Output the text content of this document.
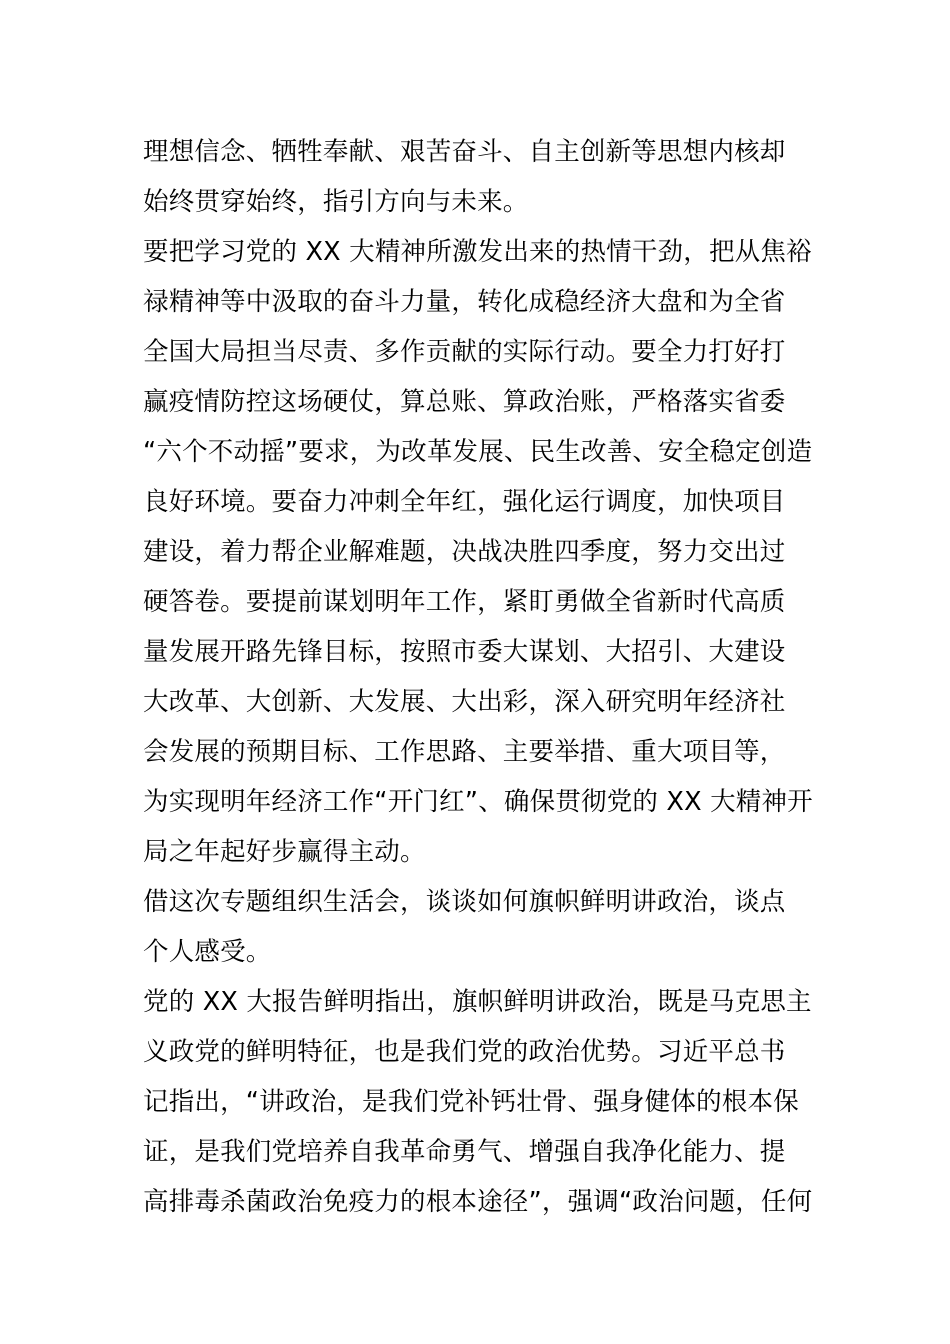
理想信念、牺牲奉献、艰苦奋斗、自主创新等思想内核却
始终贯穿始终，指引方向与未来。
要把学习党的 XX 大精神所激发出来的热情干劲，把从焦裕
禄精神等中汲取的奋斗力量，转化成稳经济大盘和为全省
全国大局担当尽责、多作贡献的实际行动。要全力打好打
赢疫情防控这场硬仗，算总账、算政治账，严格落实省委
“六个不动摇”要求，为改革发展、民生改善、安全稳定创造
良好环境。要奋力冲刺全年红，强化运行调度，加快项目
建设，着力帮企业解难题，决战决胜四季度，努力交出过
硬答卷。要提前谋划明年工作，紧盯勇做全省新时代高质
量发展开路先锋目标，按照市委大谋划、大招引、大建设
大改革、大创新、大发展、大出彩，深入研究明年经济社
会发展的预期目标、工作思路、主要举措、重大项目等，
为实现明年经济工作“开门红”、确保贯彻党的 XX 大精神开
局之年起好步赢得主动。
借这次专题组织生活会，谈谈如何旗帜鲜明讲政治，谈点
个人感受。
党的 XX 大报告鲜明指出，旗帜鲜明讲政治，既是马克思主
义政党的鲜明特征，也是我们党的政治优势。习近平总书
记指出，“讲政治，是我们党补钙壮骨、强身健体的根本保
证，是我们党培养自我革命勇气、增强自我净化能力、提
高排毒杀菌政治免疫力的根本途径”，强调“政治问题，任何
